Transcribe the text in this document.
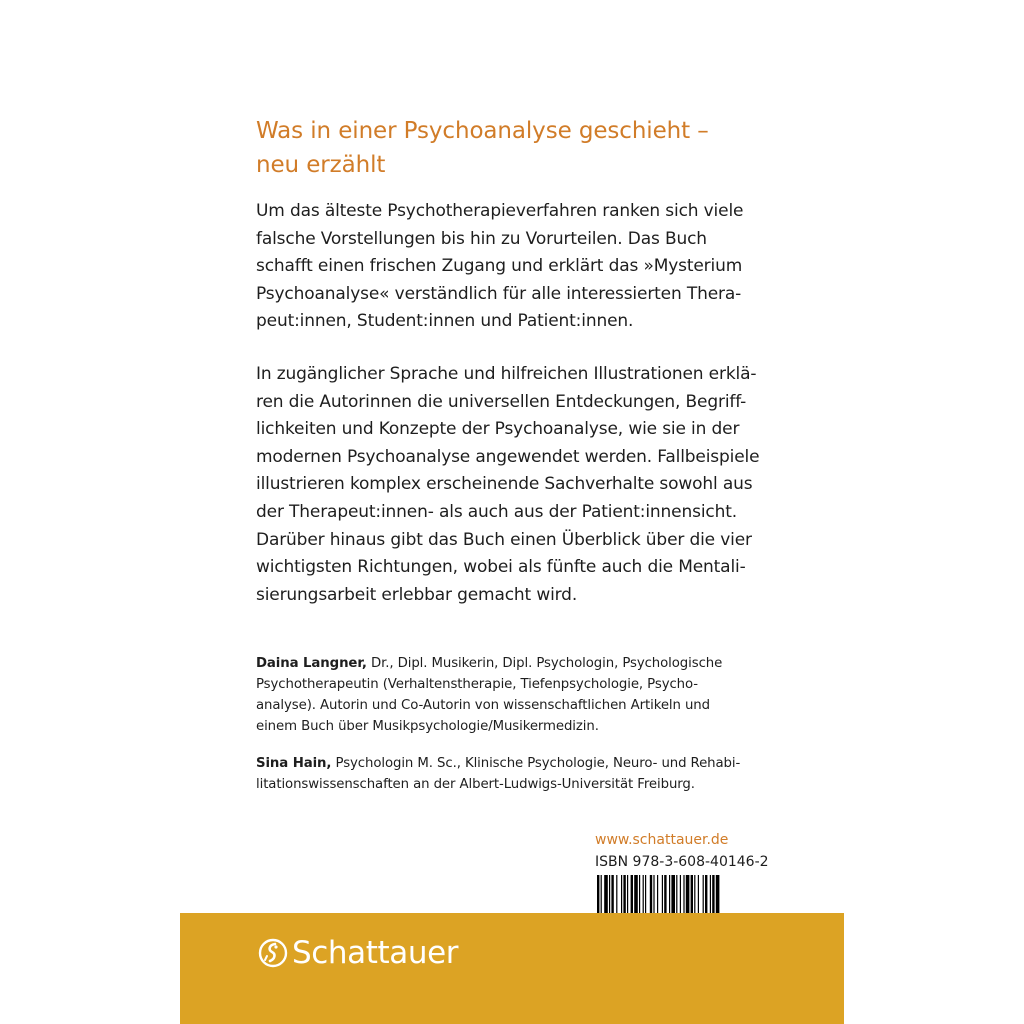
Was in einer Psychoanalyse geschieht –
neu erzählt

Um das älteste Psychotherapieverfahren ranken sich viele
falsche Vorstellungen bis hin zu Vorurteilen. Das Buch
schafft einen frischen Zugang und erklärt das »Mysterium
Psychoanalyse« verständlich für alle interessierten Thera-
peut:innen, Student:innen und Patient:innen.

In zugänglicher Sprache und hilfreichen Illustrationen erklä-
ren die Autorinnen die universellen Entdeckungen, Begriff-
lichkeiten und Konzepte der Psychoanalyse, wie sie in der
modernen Psychoanalyse angewendet werden. Fallbeispiele
illustrieren komplex erscheinende Sachverhalte sowohl aus
der Therapeut:innen- als auch aus der Patient:innensicht.
Darüber hinaus gibt das Buch einen Überblick über die vier
wichtigsten Richtungen, wobei als fünfte auch die Mentali-
sierungsarbeit erlebbar gemacht wird.

Daina Langner, Dr., Dipl. Musikerin, Dipl. Psychologin, Psychologische
Psychotherapeutin (Verhaltenstherapie, Tiefenpsychologie, Psycho-
analyse). Autorin und Co-Autorin von wissenschaftlichen Artikeln und
einem Buch über Musikpsychologie/Musikermedizin.

Sina Hain, Psychologin M. Sc., Klinische Psychologie, Neuro- und Rehabi-
litationswissenschaften an der Albert-Ludwigs-Universität Freiburg.

www.schattauer.de
ISBN 978-3-608-40146-2
Schattauer
